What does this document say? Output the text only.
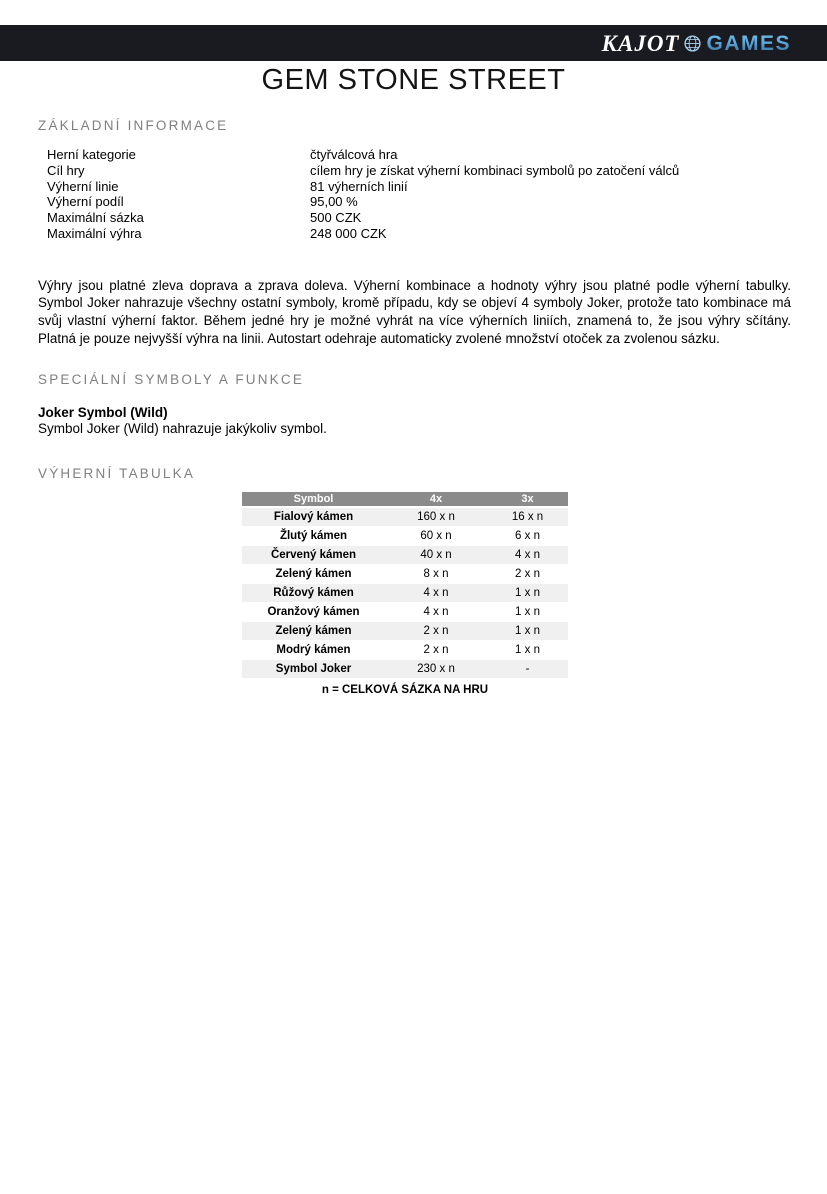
KAJOT GAMES
GEM STONE STREET
ZÁKLADNÍ INFORMACE
Herní kategorie	čtyřválcová hra
Cíl hry	cílem hry je získat výherní kombinaci symbolů po zatočení válců
Výherní linie	81 výherních linií
Výherní podíl	95,00 %
Maximální sázka	500 CZK
Maximální výhra	248 000 CZK

Výhry jsou platné zleva doprava a zprava doleva. Výherní kombinace a hodnoty výhry jsou platné podle výherní tabulky. Symbol Joker nahrazuje všechny ostatní symboly, kromě případu, kdy se objeví 4 symboly Joker, protože tato kombinace má svůj vlastní výherní faktor. Během jedné hry je možné vyhrát na více výherních liniích, znamená to, že jsou výhry sčítány. Platná je pouze nejvyšší výhra na linii. Autostart odehraje automaticky zvolené množství otoček za zvolenou sázku.

SPECIÁLNÍ SYMBOLY A FUNKCE

Joker Symbol (Wild)

Symbol Joker (Wild) nahrazuje jakýkoliv symbol.

VÝHERNÍ TABULKA
Symbol	4x	3x
Fialový kámen	160 x n	16 x n
Žlutý kámen	60 x n	6 x n
Červený kámen	40 x n	4 x n
Zelený kámen	8 x n	2 x n
Růžový kámen	4 x n	1 x n
Oranžový kámen	4 x n	1 x n
Zelený kámen	2 x n	1 x n
Modrý kámen	2 x n	1 x n
Symbol Joker	230 x n	-

n = CELKOVÁ SÁZKA NA HRU
